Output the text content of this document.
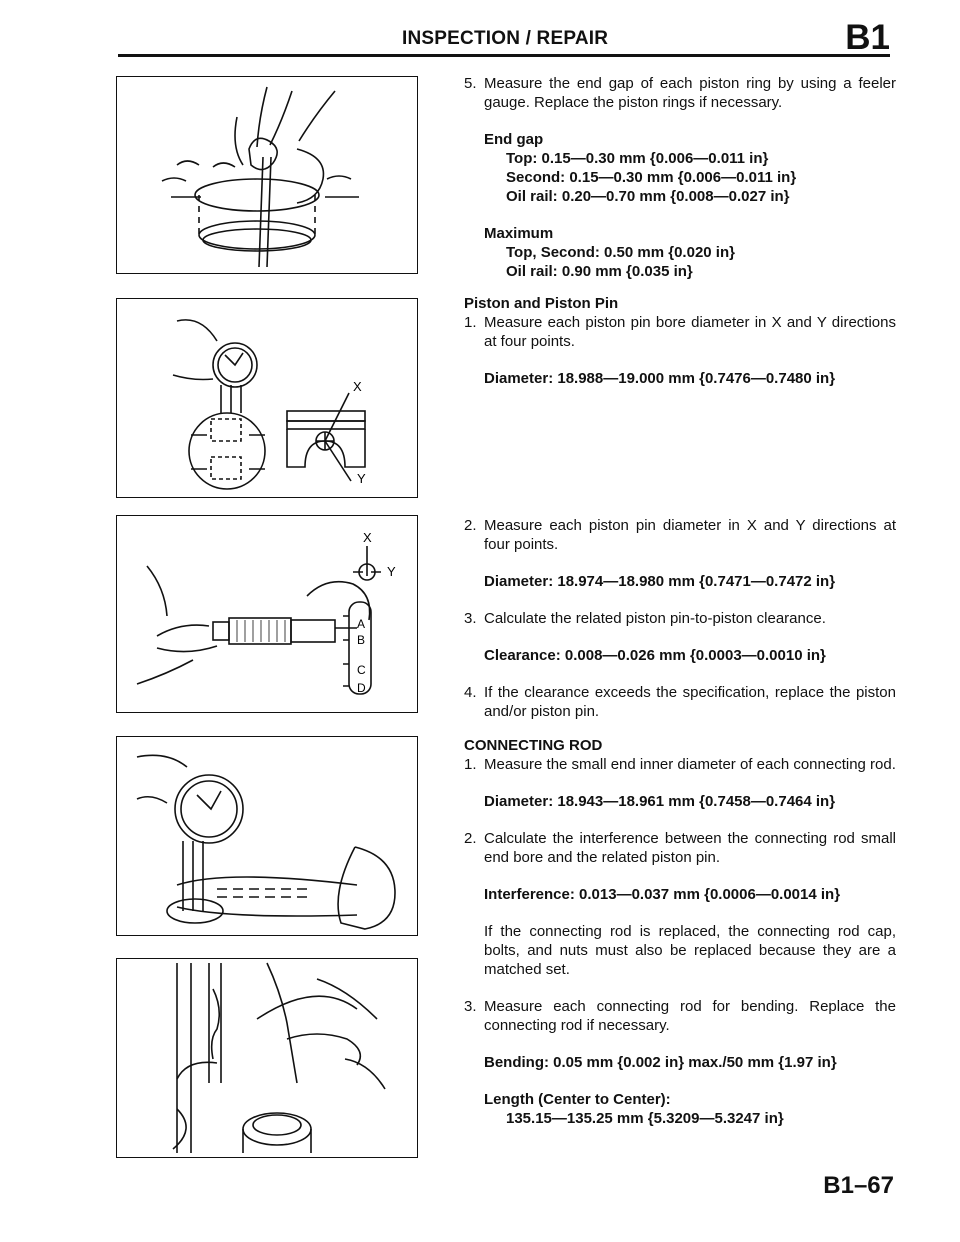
INSPECTION / REPAIR	B1
X
Y
X
Y
A
B
C
D
5. Measure the end gap of each piston ring by using a feeler gauge. Replace the piston rings if necessary.
End gap
Top: 0.15—0.30 mm {0.006—0.011 in}
Second: 0.15—0.30 mm {0.006—0.011 in}
Oil rail: 0.20—0.70 mm {0.008—0.027 in}
Maximum
Top, Second: 0.50 mm {0.020 in}
Oil rail: 0.90 mm {0.035 in}
Piston and Piston Pin
1. Measure each piston pin bore diameter in X and Y directions at four points.
Diameter: 18.988—19.000 mm {0.7476—0.7480 in}
2. Measure each piston pin diameter in X and Y directions at four points.
Diameter: 18.974—18.980 mm {0.7471—0.7472 in}
3. Calculate the related piston pin-to-piston clearance.
Clearance: 0.008—0.026 mm {0.0003—0.0010 in}
4. If the clearance exceeds the specification, replace the piston and/or piston pin.
CONNECTING ROD
1. Measure the small end inner diameter of each connecting rod.
Diameter: 18.943—18.961 mm {0.7458—0.7464 in}
2. Calculate the interference between the connecting rod small end bore and the related piston pin.
Interference: 0.013—0.037 mm {0.0006—0.0014 in}
If the connecting rod is replaced, the connecting rod cap, bolts, and nuts must also be replaced because they are a matched set.
3. Measure each connecting rod for bending. Replace the connecting rod if necessary.
Bending: 0.05 mm {0.002 in} max./50 mm {1.97 in}
Length (Center to Center):
135.15—135.25 mm {5.3209—5.3247 in}
B1–67
